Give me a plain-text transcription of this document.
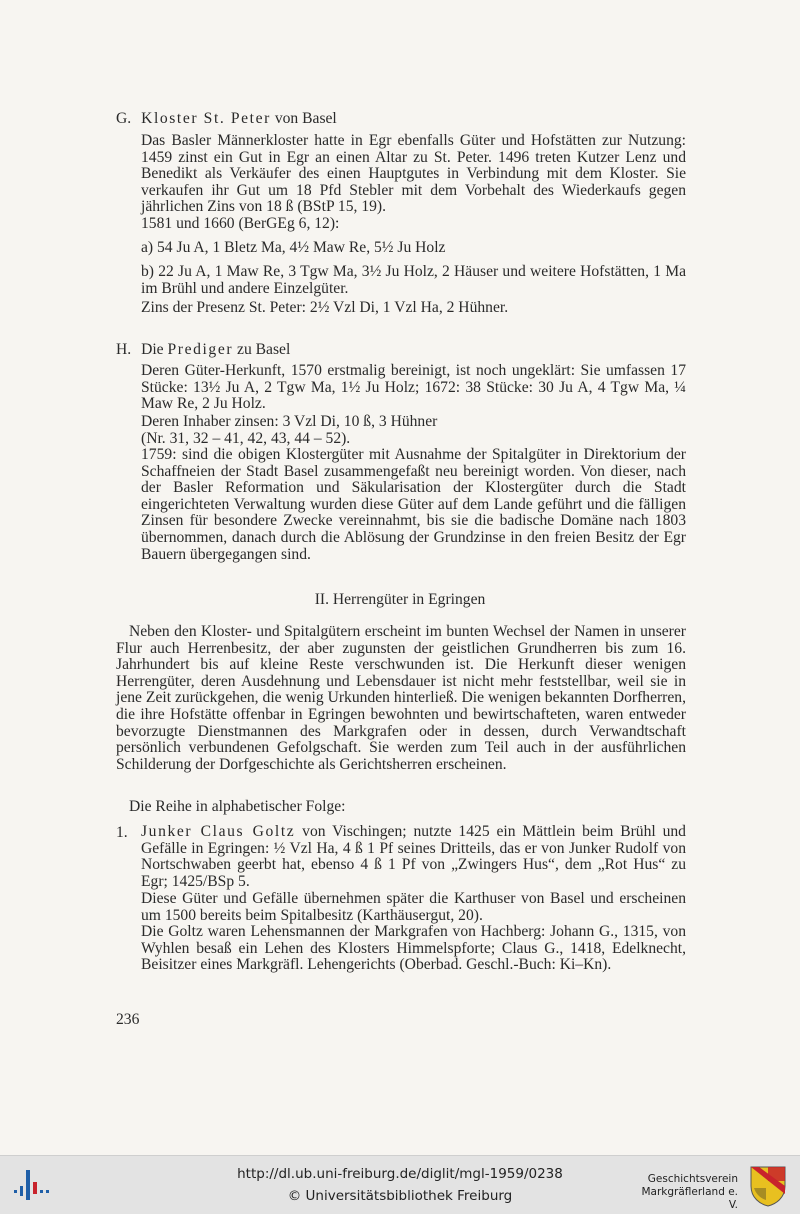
G. Kloster St. Peter von Basel
Das Basler Männerkloster hatte in Egr ebenfalls Güter und Hofstätten zur Nutzung: 1459 zinst ein Gut in Egr an einen Altar zu St. Peter. 1496 treten Kutzer Lenz und Benedikt als Verkäufer des einen Hauptgutes in Verbindung mit dem Kloster. Sie verkaufen ihr Gut um 18 Pfd Stebler mit dem Vorbehalt des Wiederkaufs gegen jährlichen Zins von 18 ß (BStP 15, 19).
1581 und 1660 (BerGEg 6, 12):
a) 54 Ju A, 1 Bletz Ma, 4½ Maw Re, 5½ Ju Holz
b) 22 Ju A, 1 Maw Re, 3 Tgw Ma, 3½ Ju Holz, 2 Häuser und weitere Hofstätten, 1 Ma im Brühl und andere Einzelgüter.
Zins der Presenz St. Peter: 2½ Vzl Di, 1 Vzl Ha, 2 Hühner.
H. Die Prediger zu Basel
Deren Güter-Herkunft, 1570 erstmalig bereinigt, ist noch ungeklärt: Sie umfassen 17 Stücke: 13½ Ju A, 2 Tgw Ma, 1½ Ju Holz; 1672: 38 Stücke: 30 Ju A, 4 Tgw Ma, ¼ Maw Re, 2 Ju Holz.
Deren Inhaber zinsen: 3 Vzl Di, 10 ß, 3 Hühner
(Nr. 31, 32 – 41, 42, 43, 44 – 52).
1759: sind die obigen Klostergüter mit Ausnahme der Spitalgüter in Direktorium der Schaffneien der Stadt Basel zusammengefaßt neu bereinigt worden. Von dieser, nach der Basler Reformation und Säkularisation der Klostergüter durch die Stadt eingerichteten Verwaltung wurden diese Güter auf dem Lande geführt und die fälligen Zinsen für besondere Zwecke vereinnahmt, bis sie die badische Domäne nach 1803 übernommen, danach durch die Ablösung der Grundzinse in den freien Besitz der Egr Bauern übergegangen sind.
II. Herrengüter in Egringen
Neben den Kloster- und Spitalgütern erscheint im bunten Wechsel der Namen in unserer Flur auch Herrenbesitz, der aber zugunsten der geistlichen Grundherren bis zum 16. Jahrhundert bis auf kleine Reste verschwunden ist. Die Herkunft dieser wenigen Herrengüter, deren Ausdehnung und Lebensdauer ist nicht mehr feststellbar, weil sie in jene Zeit zurückgehen, die wenig Urkunden hinterließ. Die wenigen bekannten Dorfherren, die ihre Hofstätte offenbar in Egringen bewohnten und bewirtschafteten, waren entweder bevorzugte Dienstmannen des Markgrafen oder in dessen, durch Verwandtschaft persönlich verbundenen Gefolgschaft. Sie werden zum Teil auch in der ausführlichen Schilderung der Dorfgeschichte als Gerichtsherren erscheinen.
Die Reihe in alphabetischer Folge:
1. Junker Claus Goltz von Vischingen; nutzte 1425 ein Mättlein beim Brühl und Gefälle in Egringen: ½ Vzl Ha, 4 ß 1 Pf seines Dritteils, das er von Junker Rudolf von Nortschwaben geerbt hat, ebenso 4 ß 1 Pf von „Zwingers Hus“, dem „Rot Hus“ zu Egr; 1425/BSp 5.
Diese Güter und Gefälle übernehmen später die Karthuser von Basel und erscheinen um 1500 bereits beim Spitalbesitz (Karthäusergut, 20).
Die Goltz waren Lehensmannen der Markgrafen von Hachberg: Johann G., 1315, von Wyhlen besaß ein Lehen des Klosters Himmelspforte; Claus G., 1418, Edelknecht, Beisitzer eines Markgräfl. Lehengerichts (Oberbad. Geschl.-Buch: Ki–Kn).
236
http://dl.ub.uni-freiburg.de/diglit/mgl-1959/0238
© Universitätsbibliothek Freiburg
Geschichtsverein
Markgräflerland e. V.
